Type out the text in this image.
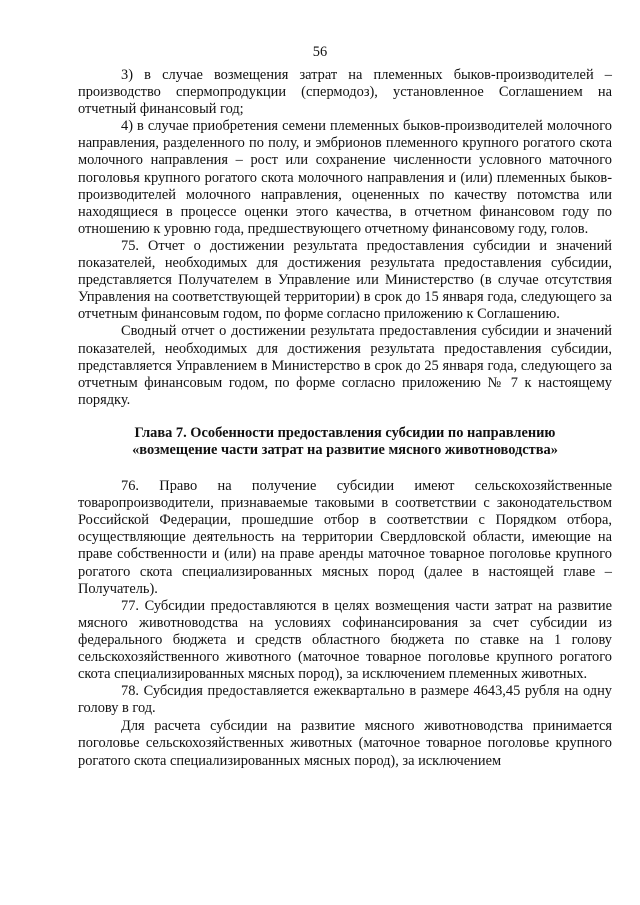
56

3) в случае возмещения затрат на племенных быков-производителей – производство спермопродукции (спермодоз), установленное Соглашением на отчетный финансовый год;

4) в случае приобретения семени племенных быков-производителей молочного направления, разделенного по полу, и эмбрионов племенного крупного рогатого скота молочного направления – рост или сохранение численности условного маточного поголовья крупного рогатого скота молочного направления и (или) племенных быков-производителей молочного направления, оцененных по качеству потомства или находящиеся в процессе оценки этого качества, в отчетном финансовом году по отношению к уровню года, предшествующего отчетному финансовому году, голов.

75. Отчет о достижении результата предоставления субсидии и значений показателей, необходимых для достижения результата предоставления субсидии, представляется Получателем в Управление или Министерство (в случае отсутствия Управления на соответствующей территории) в срок до 15 января года, следующего за отчетным финансовым годом, по форме согласно приложению к Соглашению.

Сводный отчет о достижении результата предоставления субсидии и значений показателей, необходимых для достижения результата предоставления субсидии, представляется Управлением в Министерство в срок до 25 января года, следующего за отчетным финансовым годом, по форме согласно приложению № 7 к настоящему порядку.

Глава 7. Особенности предоставления субсидии по направлению
«возмещение части затрат на развитие мясного животноводства»

76. Право на получение субсидии имеют сельскохозяйственные товаропроизводители, признаваемые таковыми в соответствии с законодательством Российской Федерации, прошедшие отбор в соответствии с Порядком отбора, осуществляющие деятельность на территории Свердловской области, имеющие на праве собственности и (или) на праве аренды маточное товарное поголовье крупного рогатого скота специализированных мясных пород (далее в настоящей главе – Получатель).

77. Субсидии предоставляются в целях возмещения части затрат на развитие мясного животноводства на условиях софинансирования за счет субсидии из федерального бюджета и средств областного бюджета по ставке на 1 голову сельскохозяйственного животного (маточное товарное поголовье крупного рогатого скота специализированных мясных пород), за исключением племенных животных.

78. Субсидия предоставляется ежеквартально в размере 4643,45 рубля на одну голову в год.

Для расчета субсидии на развитие мясного животноводства принимается поголовье сельскохозяйственных животных (маточное товарное поголовье крупного рогатого скота специализированных мясных пород), за исключением
